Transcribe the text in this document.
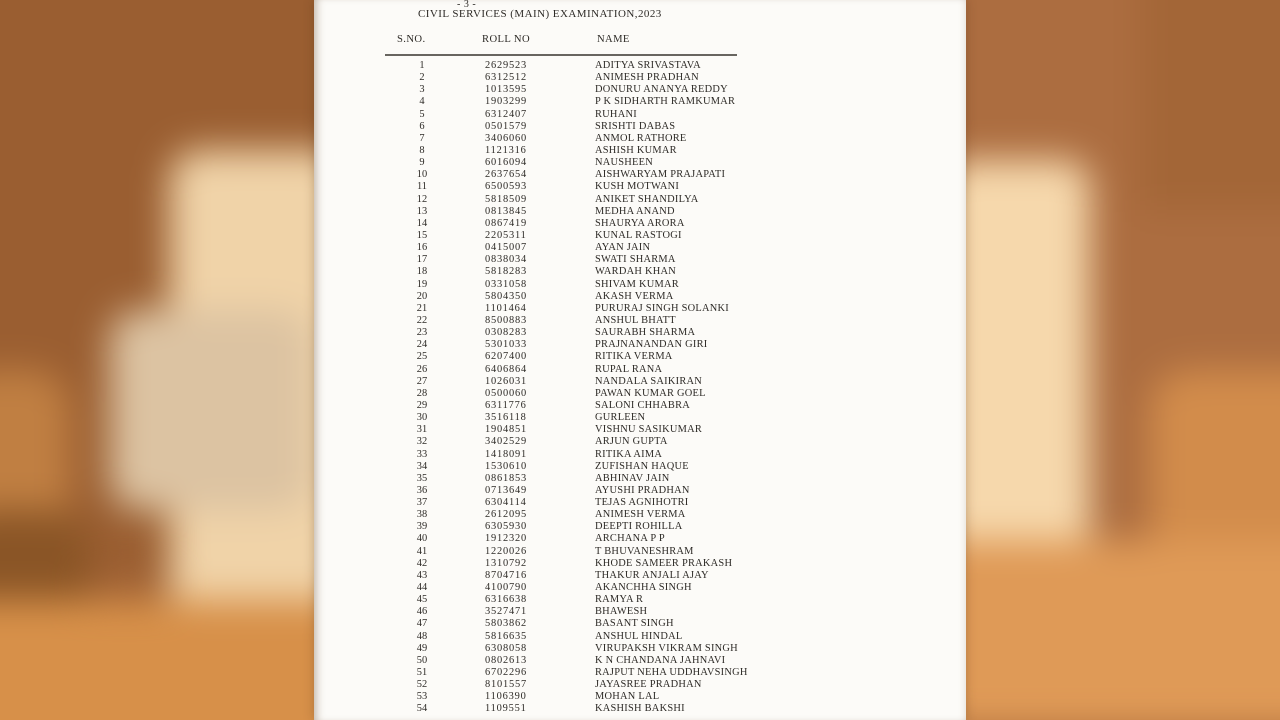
- 3 -
CIVIL SERVICES (MAIN) EXAMINATION,2023
S.NO.	ROLL NO	NAME
1	2629523	ADITYA SRIVASTAVA
2	6312512	ANIMESH PRADHAN
3	1013595	DONURU ANANYA REDDY
4	1903299	P K SIDHARTH RAMKUMAR
5	6312407	RUHANI
6	0501579	SRISHTI DABAS
7	3406060	ANMOL RATHORE
8	1121316	ASHISH KUMAR
9	6016094	NAUSHEEN
10	2637654	AISHWARYAM PRAJAPATI
11	6500593	KUSH MOTWANI
12	5818509	ANIKET SHANDILYA
13	0813845	MEDHA ANAND
14	0867419	SHAURYA ARORA
15	2205311	KUNAL RASTOGI
16	0415007	AYAN JAIN
17	0838034	SWATI SHARMA
18	5818283	WARDAH KHAN
19	0331058	SHIVAM KUMAR
20	5804350	AKASH VERMA
21	1101464	PURURAJ SINGH SOLANKI
22	8500883	ANSHUL BHATT
23	0308283	SAURABH SHARMA
24	5301033	PRAJNANANDAN GIRI
25	6207400	RITIKA VERMA
26	6406864	RUPAL RANA
27	1026031	NANDALA SAIKIRAN
28	0500060	PAWAN KUMAR GOEL
29	6311776	SALONI CHHABRA
30	3516118	GURLEEN
31	1904851	VISHNU SASIKUMAR
32	3402529	ARJUN GUPTA
33	1418091	RITIKA AIMA
34	1530610	ZUFISHAN HAQUE
35	0861853	ABHINAV JAIN
36	0713649	AYUSHI PRADHAN
37	6304114	TEJAS AGNIHOTRI
38	2612095	ANIMESH VERMA
39	6305930	DEEPTI ROHILLA
40	1912320	ARCHANA P P
41	1220026	T BHUVANESHRAM
42	1310792	KHODE SAMEER PRAKASH
43	8704716	THAKUR ANJALI AJAY
44	4100790	AKANCHHA SINGH
45	6316638	RAMYA R
46	3527471	BHAWESH
47	5803862	BASANT SINGH
48	5816635	ANSHUL HINDAL
49	6308058	VIRUPAKSH VIKRAM SINGH
50	0802613	K N CHANDANA JAHNAVI
51	6702296	RAJPUT NEHA UDDHAVSINGH
52	8101557	JAYASREE PRADHAN
53	1106390	MOHAN LAL
54	1109551	KASHISH BAKSHI
